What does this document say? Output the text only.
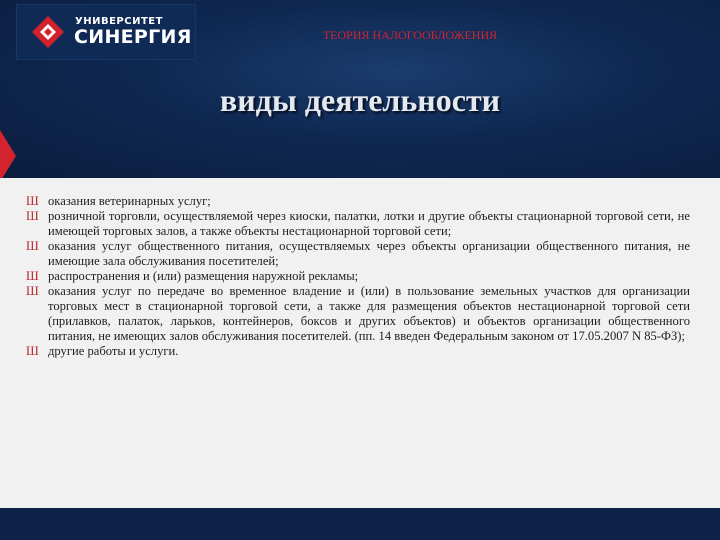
УНИВЕРСИТЕТ
СИНЕРГИЯ	ТЕОРИЯ НАЛОГООБЛОЖЕНИЯ
виды деятельности
Ш оказания ветеринарных услуг;
Ш розничной торговли, осуществляемой через киоски, палатки, лотки и другие объекты стационарной торговой сети, не имеющей торговых залов, а также объекты нестационарной торговой сети;
Ш оказания услуг общественного питания, осуществляемых через объекты организации общественного питания, не имеющие зала обслуживания посетителей;
Ш распространения и (или) размещения наружной рекламы;
Ш оказания услуг по передаче во временное владение и (или) в пользование земельных участков для организации торговых мест в стационарной торговой сети, а также для размещения объектов нестационарной торговой сети (прилавков, палаток, ларьков, контейнеров, боксов и других объектов) и объектов организации общественного питания, не имеющих залов обслуживания посетителей. (пп. 14 введен Федеральным законом от 17.05.2007 N 85-ФЗ);
Ш другие работы и услуги.
